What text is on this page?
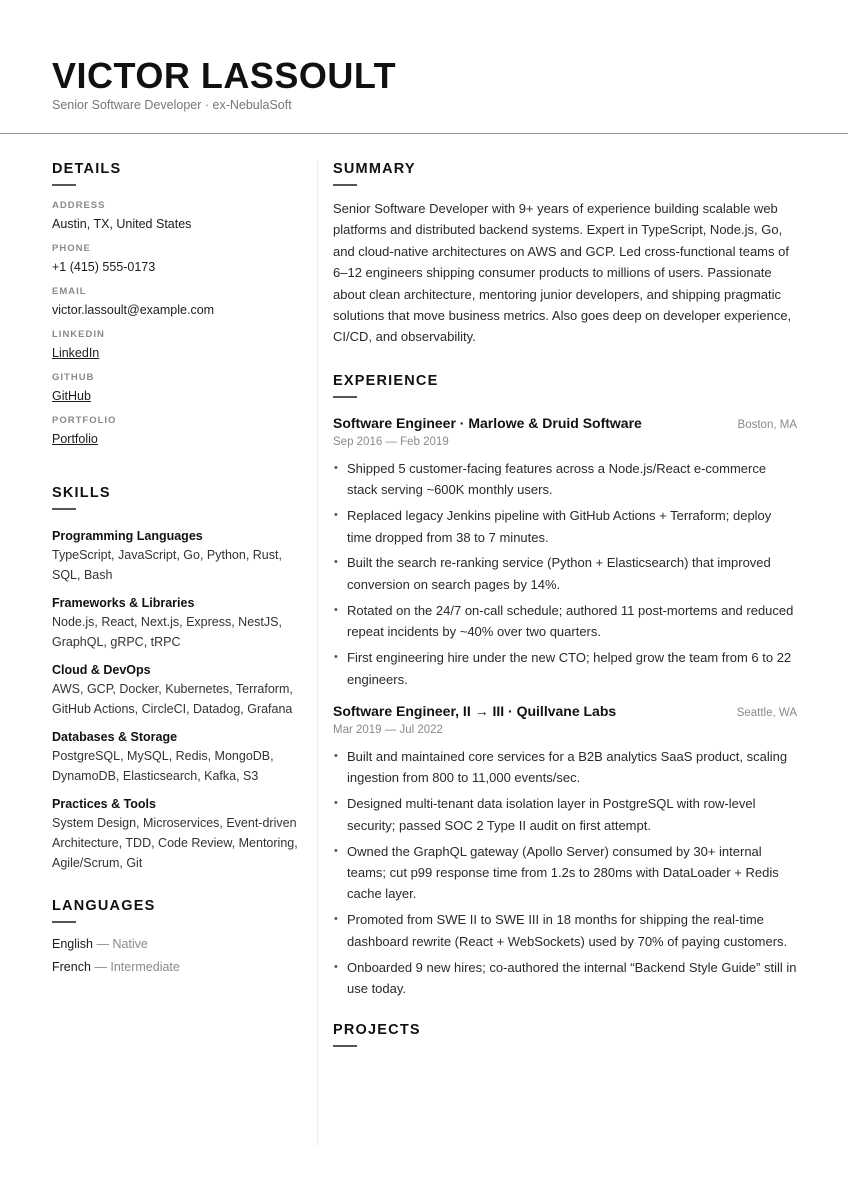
VICTOR LASSOULT
Senior Software Developer · ex-NebulaSoft
DETAILS
ADDRESS
Austin, TX, United States
PHONE
+1 (415) 555-0173
EMAIL
victor.lassoult@example.com
LINKEDIN
LinkedIn
GITHUB
GitHub
PORTFOLIO
Portfolio
SKILLS
Programming Languages
TypeScript, JavaScript, Go, Python, Rust, SQL, Bash
Frameworks & Libraries
Node.js, React, Next.js, Express, NestJS, GraphQL, gRPC, tRPC
Cloud & DevOps
AWS, GCP, Docker, Kubernetes, Terraform, GitHub Actions, CircleCI, Datadog, Grafana
Databases & Storage
PostgreSQL, MySQL, Redis, MongoDB, DynamoDB, Elasticsearch, Kafka, S3
Practices & Tools
System Design, Microservices, Event-driven Architecture, TDD, Code Review, Mentoring, Agile/Scrum, Git
LANGUAGES
English — Native
French — Intermediate
SUMMARY
Senior Software Developer with 9+ years of experience building scalable web platforms and distributed backend systems. Expert in TypeScript, Node.js, Go, and cloud-native architectures on AWS and GCP. Led cross-functional teams of 6–12 engineers shipping consumer products to millions of users. Passionate about clean architecture, mentoring junior developers, and shipping pragmatic solutions that move business metrics. Also goes deep on developer experience, CI/CD, and observability.
EXPERIENCE
Software Engineer · Marlowe & Druid Software	Boston, MA
Sep 2016 — Feb 2019
• Shipped 5 customer-facing features across a Node.js/React e-commerce stack serving ~600K monthly users.
• Replaced legacy Jenkins pipeline with GitHub Actions + Terraform; deploy time dropped from 38 to 7 minutes.
• Built the search re-ranking service (Python + Elasticsearch) that improved conversion on search pages by 14%.
• Rotated on the 24/7 on-call schedule; authored 11 post-mortems and reduced repeat incidents by ~40% over two quarters.
• First engineering hire under the new CTO; helped grow the team from 6 to 22 engineers.
Software Engineer, II → III · Quillvane Labs	Seattle, WA
Mar 2019 — Jul 2022
• Built and maintained core services for a B2B analytics SaaS product, scaling ingestion from 800 to 11,000 events/sec.
• Designed multi-tenant data isolation layer in PostgreSQL with row-level security; passed SOC 2 Type II audit on first attempt.
• Owned the GraphQL gateway (Apollo Server) consumed by 30+ internal teams; cut p99 response time from 1.2s to 280ms with DataLoader + Redis cache layer.
• Promoted from SWE II to SWE III in 18 months for shipping the real-time dashboard rewrite (React + WebSockets) used by 70% of paying customers.
• Onboarded 9 new hires; co-authored the internal “Backend Style Guide” still in use today.
PROJECTS
